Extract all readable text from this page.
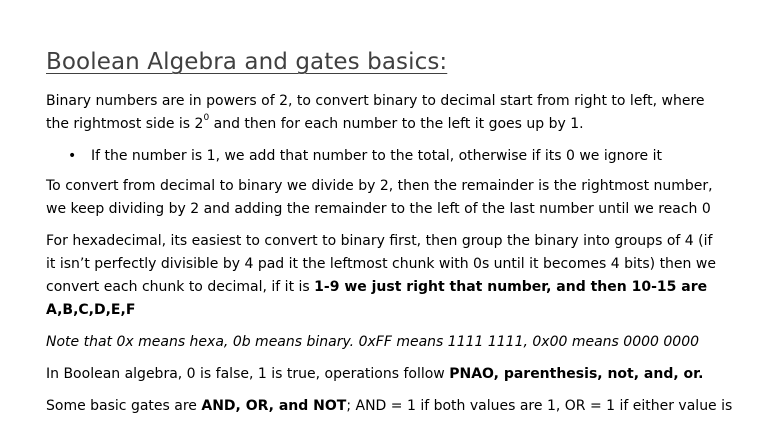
Boolean Algebra and gates basics:
Binary numbers are in powers of 2, to convert binary to decimal start from right to left, where
the rightmost side is $2^0$ and then for each number to the left it goes up by 1.
• If the number is 1, we add that number to the total, otherwise if its 0 we ignore it
To convert from decimal to binary we divide by 2, then the remainder is the rightmost number,
we keep dividing by 2 and adding the remainder to the left of the last number until we reach 0
For hexadecimal, its easiest to convert to binary first, then group the binary into groups of 4 (if
it isn’t perfectly divisible by 4 pad it the leftmost chunk with 0s until it becomes 4 bits) then we
convert each chunk to decimal, if it is 1-9 we just right that number, and then 10-15 are
A,B,C,D,E,F
Note that 0x means hexa, 0b means binary. 0xFF means 1111 1111, 0x00 means 0000 0000
In Boolean algebra, 0 is false, 1 is true, operations follow PNAO, parenthesis, not, and, or.
Some basic gates are AND, OR, and NOT; AND = 1 if both values are 1, OR = 1 if either value is
